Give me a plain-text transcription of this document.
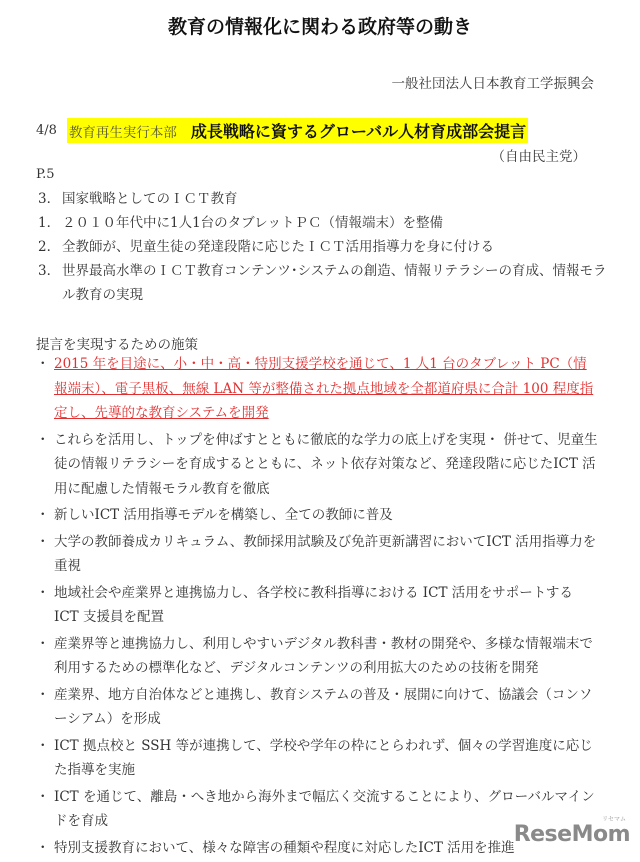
教育の情報化に関わる政府等の動き
一般社団法人日本教育工学振興会
4/8 教育再生実行本部 成長戦略に資するグローバル人材育成部会提言
（自由民主党）
P.5
3． 国家戦略としてのＩＣＴ教育
1． ２０１０年代中に1人1台のタブレットＰＣ（情報端末）を整備
2． 全教師が、児童生徒の発達段階に応じたＩＣＴ活用指導力を身に付ける
3． 世界最高水準のＩＣＴ教育コンテンツ･システムの創造、情報リテラシーの育成、情報モラル教育の実現
提言を実現するための施策
・ 2015 年を目途に、小・中・高・特別支援学校を通じて、1 人1 台のタブレット PC（情報端末）、電子黒板、無線 LAN 等が整備された拠点地域を全都道府県に合計 100 程度指定し、先導的な教育システムを開発
・ これらを活用し、トップを伸ばすとともに徹底的な学力の底上げを実現・ 併せて、児童生徒の情報リテラシーを育成するとともに、ネット依存対策など、発達段階に応じたICT 活用に配慮した情報モラル教育を徹底
・ 新しいICT 活用指導モデルを構築し、全ての教師に普及
・ 大学の教師養成カリキュラム、教師採用試験及び免許更新講習においてICT 活用指導力を重視
・ 地域社会や産業界と連携協力し、各学校に教科指導における ICT 活用をサポートする ICT 支援員を配置
・ 産業界等と連携協力し、利用しやすいデジタル教科書・教材の開発や、多様な情報端末で利用するための標準化など、デジタルコンテンツの利用拡大のための技術を開発
・ 産業界、地方自治体などと連携し、教育システムの普及・展開に向けて、協議会（コンソーシアム）を形成
・ ICT 拠点校と SSH 等が連携して、学校や学年の枠にとらわれず、個々の学習進度に応じた指導を実施
・ ICT を通じて、離島・へき地から海外まで幅広く交流することにより、グローバルマインドを育成
・ 特別支援教育において、様々な障害の種類や程度に対応したICT 活用を推進
リセマム
ReseMom
